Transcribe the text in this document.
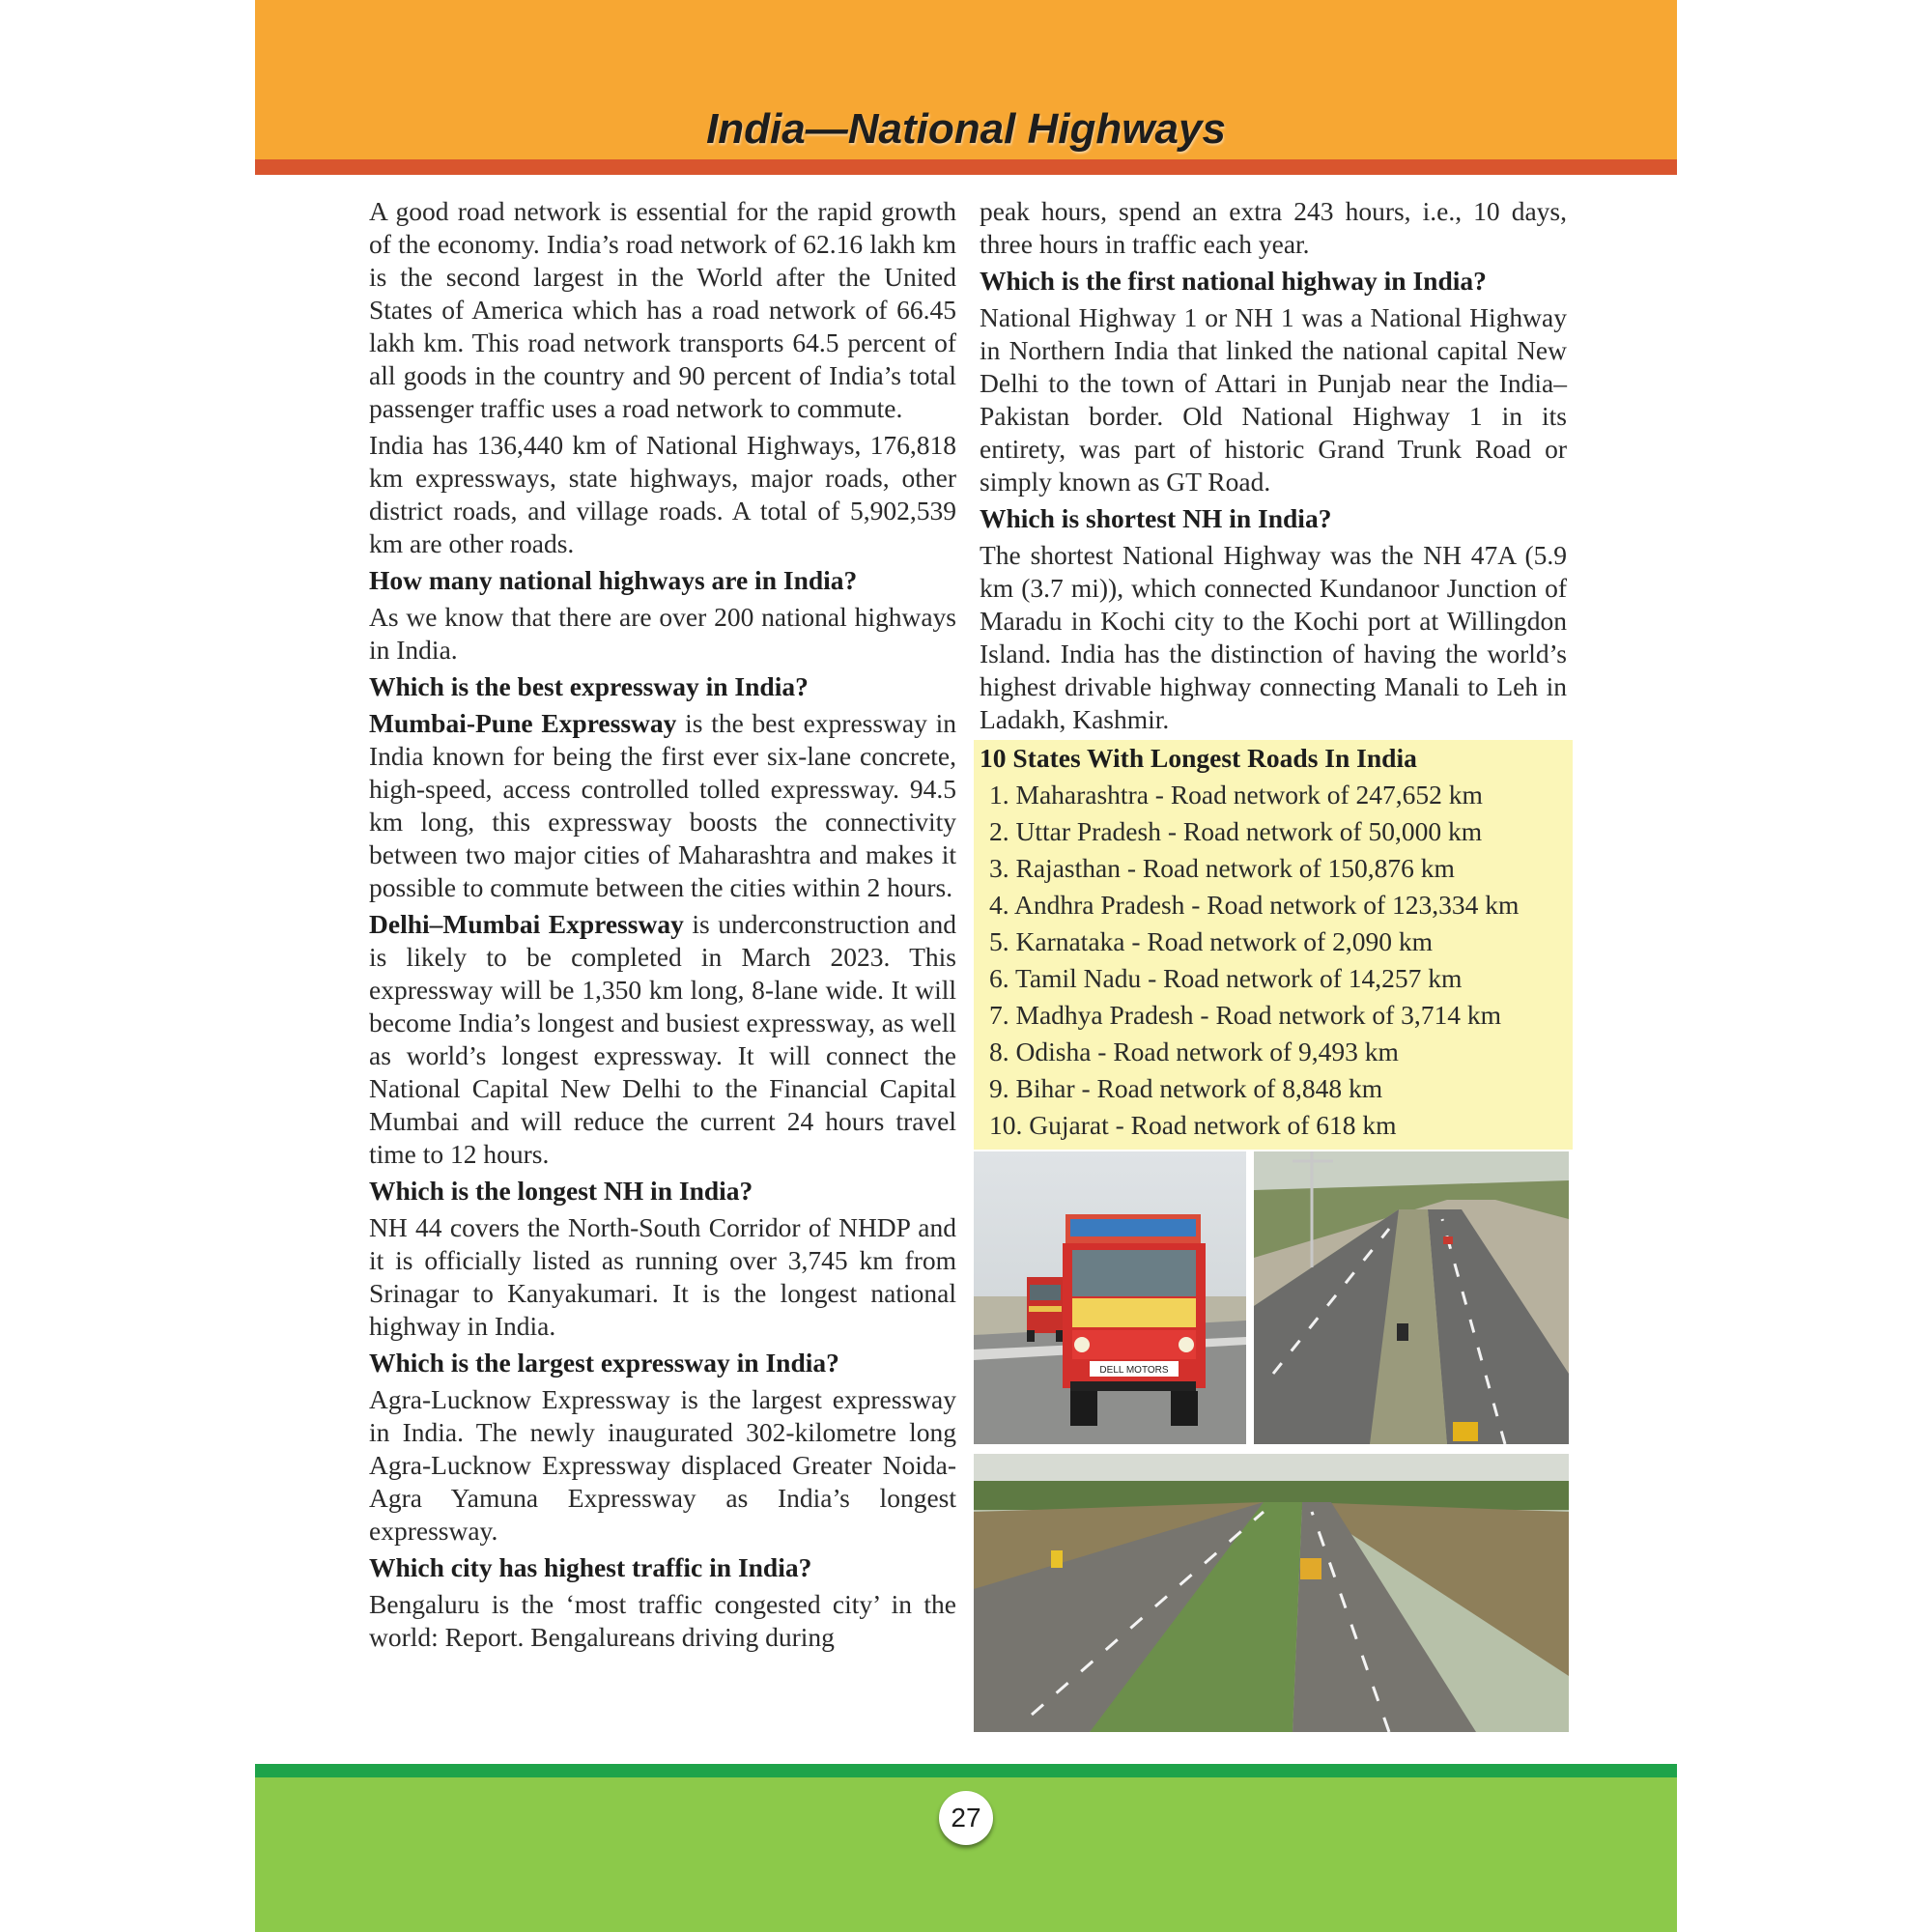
India—National Highways

A good road network is essential for the rapid growth of the economy. India’s road network of 62.16 lakh km is the second largest in the World after the United States of America which has a road network of 66.45 lakh km. This road network transports 64.5 percent of all goods in the country and 90 percent of India’s total passenger traffic uses a road network to commute.

India has 136,440 km of National Highways, 176,818 km expressways, state highways, major roads, other district roads, and village roads. A total of 5,902,539 km are other roads.

How many national highways are in India?

As we know that there are over 200 national highways in India.

Which is the best expressway in India?

Mumbai-Pune Expressway is the best expressway in India known for being the first ever six-lane concrete, high-speed, access controlled tolled expressway. 94.5 km long, this expressway boosts the connectivity between two major cities of Maharashtra and makes it possible to commute between the cities within 2 hours.

Delhi–Mumbai Expressway is underconstruction and is likely to be completed in March 2023. This expressway will be 1,350 km long, 8-lane wide. It will become India’s longest and busiest expressway, as well as world’s longest expressway. It will connect the National Capital New Delhi to the Financial Capital Mumbai and will reduce the current 24 hours travel time to 12 hours.

Which is the longest NH in India?

NH 44 covers the North-South Corridor of NHDP and it is officially listed as running over 3,745 km from Srinagar to Kanyakumari. It is the longest national highway in India.

Which is the largest expressway in India?

Agra-Lucknow Expressway is the largest expressway in India. The newly inaugurated 302-kilometre long Agra-Lucknow Expressway displaced Greater Noida-Agra Yamuna Expressway as India’s longest expressway.

Which city has highest traffic in India?

Bengaluru is the ‘most traffic congested city’ in the world: Report. Bengalureans driving during

peak hours, spend an extra 243 hours, i.e., 10 days, three hours in traffic each year.

Which is the first national highway in India?

National Highway 1 or NH 1 was a National Highway in Northern India that linked the national capital New Delhi to the town of Attari in Punjab near the India–Pakistan border. Old National Highway 1 in its entirety, was part of historic Grand Trunk Road or simply known as GT Road.

Which is shortest NH in India?

The shortest National Highway was the NH 47A (5.9 km (3.7 mi)), which connected Kundanoor Junction of Maradu in Kochi city to the Kochi port at Willingdon Island. India has the distinction of having the world’s highest drivable highway connecting Manali to Leh in Ladakh, Kashmir.

10 States With Longest Roads In India
1. Maharashtra - Road network of 247,652 km
2. Uttar Pradesh - Road network of 50,000 km
3. Rajasthan - Road network of 150,876 km
4. Andhra Pradesh - Road network of 123,334 km
5. Karnataka - Road network of 2,090 km
6. Tamil Nadu - Road network of 14,257 km
7. Madhya Pradesh - Road network of 3,714 km
8. Odisha - Road network of 9,493 km
9. Bihar - Road network of 8,848 km
10. Gujarat - Road network of 618 km
DELL MOTORS
27
